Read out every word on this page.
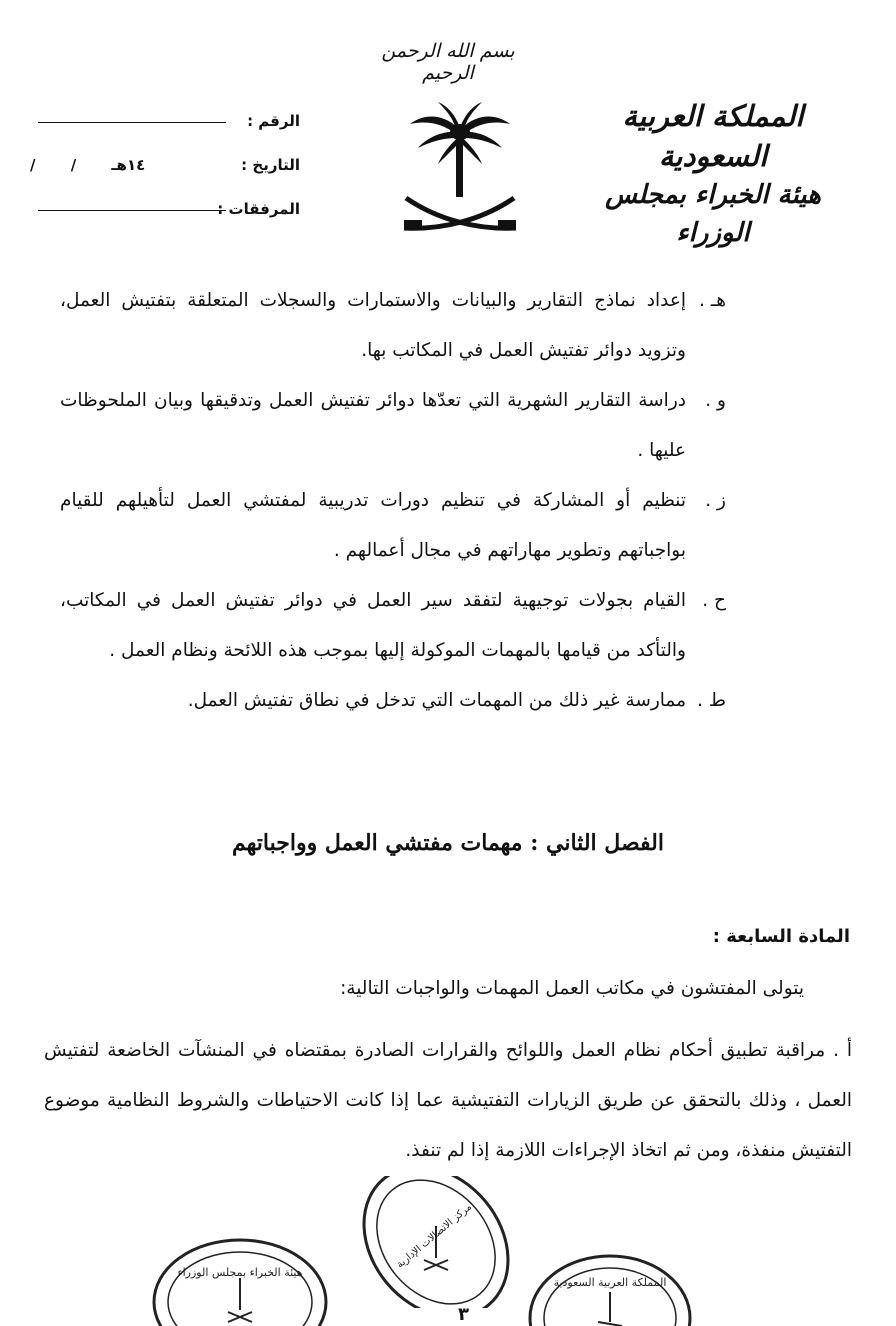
بسم الله الرحمن الرحيم
المملكة العربية السعودية
هيئة الخبراء بمجلس الوزراء
الرقم :
التاريخ :
/ / ١٤هـ
المرفقات :
هـ .
إعداد نماذج التقارير والبيانات والاستمارات والسجلات المتعلقة بتفتيش العمل، وتزويد دوائر تفتيش العمل في المكاتب بها.
و .
دراسة التقارير الشهرية التي تعدّها دوائر تفتيش العمل وتدقيقها وبيان الملحوظات عليها .
ز .
تنظيم أو المشاركة في تنظيم دورات تدريبية لمفتشي العمل لتأهيلهم للقيام بواجباتهم وتطوير مهاراتهم في مجال أعمالهم .
ح .
القيام بجولات توجيهية لتفقد سير العمل في دوائر تفتيش العمل في المكاتب، والتأكد من قيامها بالمهمات الموكولة إليها بموجب هذه اللائحة ونظام العمل .
ط .
ممارسة غير ذلك من المهمات التي تدخل في نطاق تفتيش العمل.
الفصل الثاني : مهمات مفتشي العمل وواجباتهم
المادة السابعة :
يتولى المفتشون في مكاتب العمل المهمات والواجبات التالية:
أ . مراقبة تطبيق أحكام نظام العمل واللوائح والقرارات الصادرة بمقتضاه في المنشآت الخاضعة لتفتيش العمل ، وذلك بالتحقق عن طريق الزيارات التفتيشية عما إذا كانت الاحتياطات والشروط النظامية موضوع التفتيش منفذة، ومن ثم اتخاذ الإجراءات اللازمة إذا لم تنفذ.
هيئة الخبراء بمجلس الوزراء
مركز الاتصالات الإدارية
المملكة العربية السعودية
٣
